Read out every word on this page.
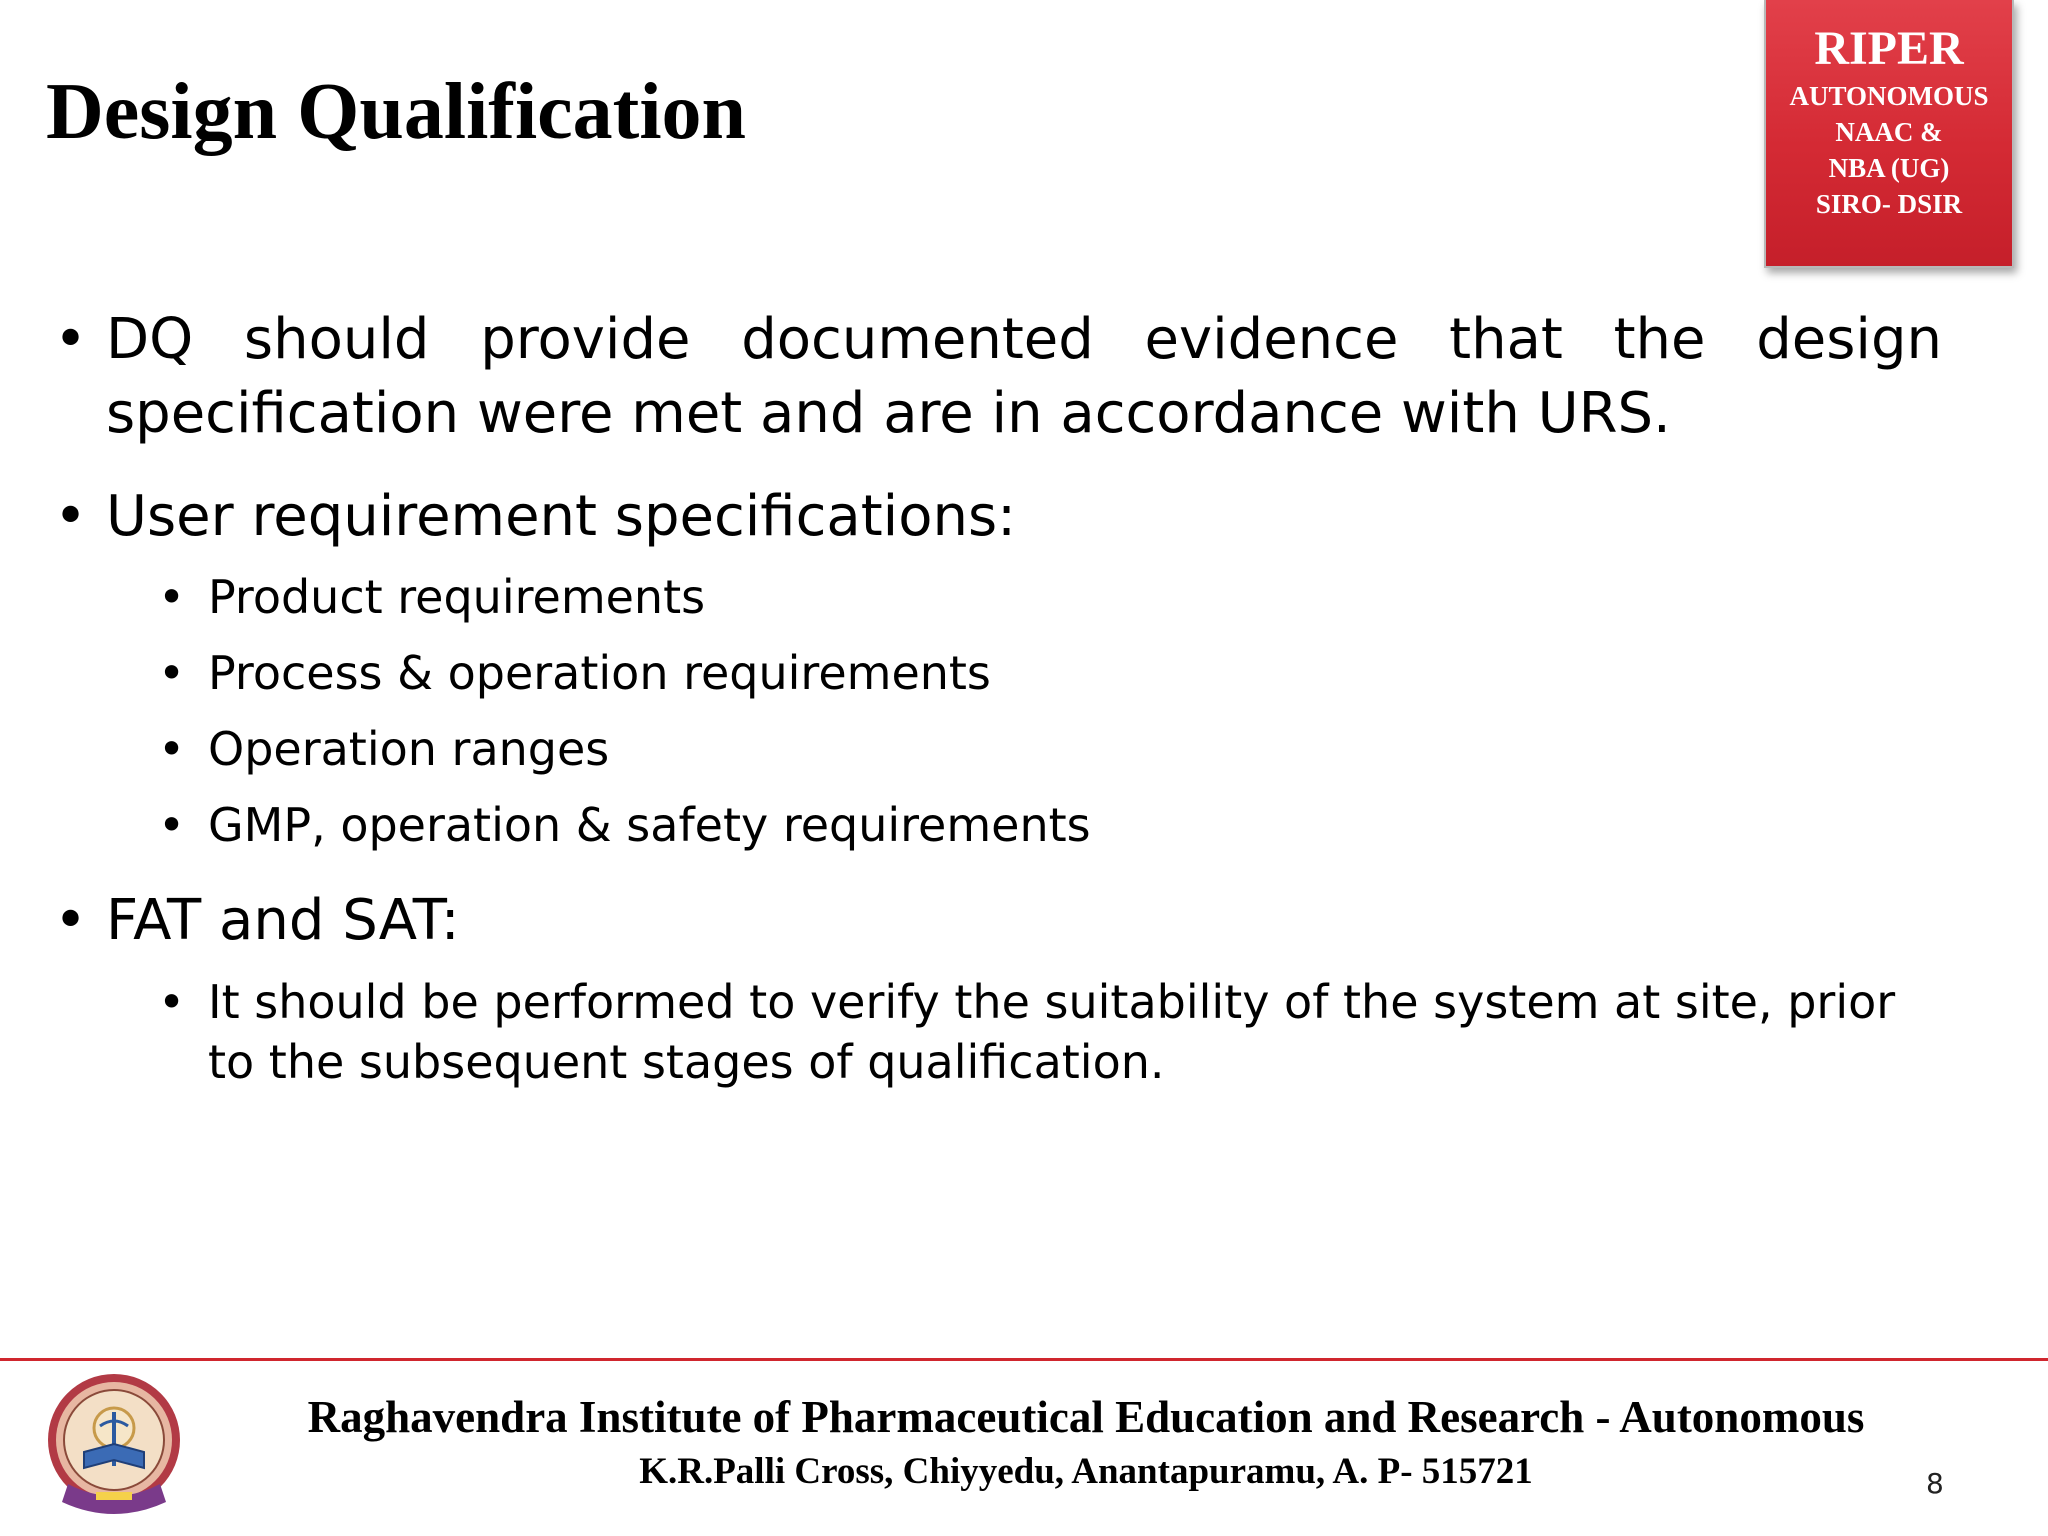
Design Qualification
RIPER
AUTONOMOUS
NAAC &
NBA (UG)
SIRO- DSIR
• DQ should provide documented evidence that the design specification were met and are in accordance with URS.
• User requirement specifications:
• Product requirements
• Process & operation requirements
• Operation ranges
• GMP, operation & safety requirements
• FAT and SAT:
• It should be performed to verify the suitability of the system at site, prior to the subsequent stages of qualification.
Raghavendra Institute of Pharmaceutical Education and Research - Autonomous
K.R.Palli Cross, Chiyyedu, Anantapuramu, A. P- 515721	8
